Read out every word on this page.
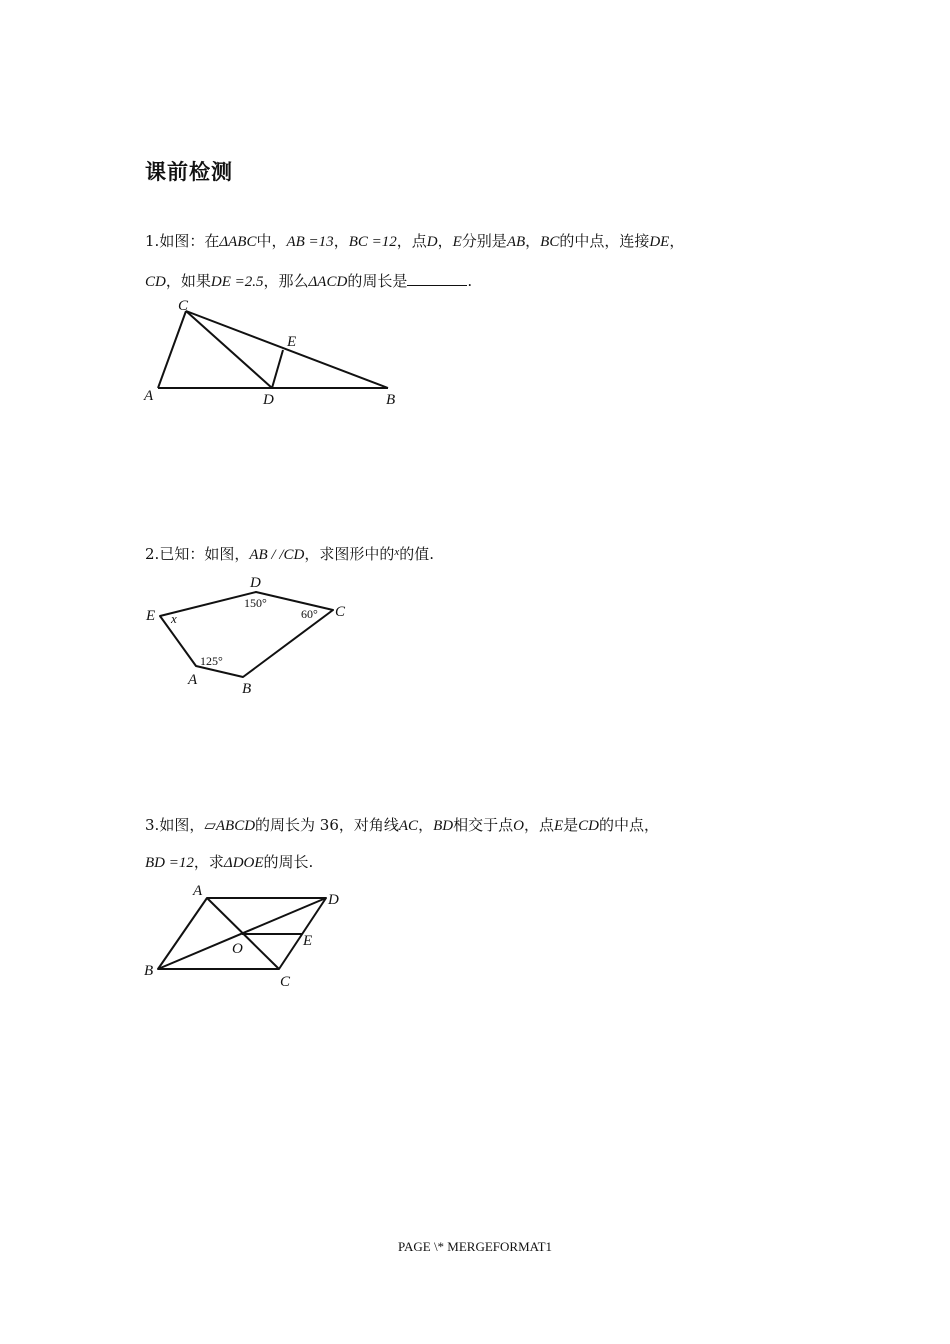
课前检测
1.如图：在ΔABC中，AB =13，BC =12，点D，E分别是AB，BC的中点，连接DE，
CD，如果DE =2.5，那么ΔACD的周长是	.
A	B
C
D
E
2.已知：如图，AB / /CD，求图形中的$^x$的值.
D
E	C
A
B
x
150°
60°
125°
3.如图，▱ABCD的周长为 36，对角线AC，BD相交于点O，点E是CD的中点，
BD =12，求ΔDOE的周长.
A
D
B
C
E
O
PAGE \* MERGEFORMAT1
